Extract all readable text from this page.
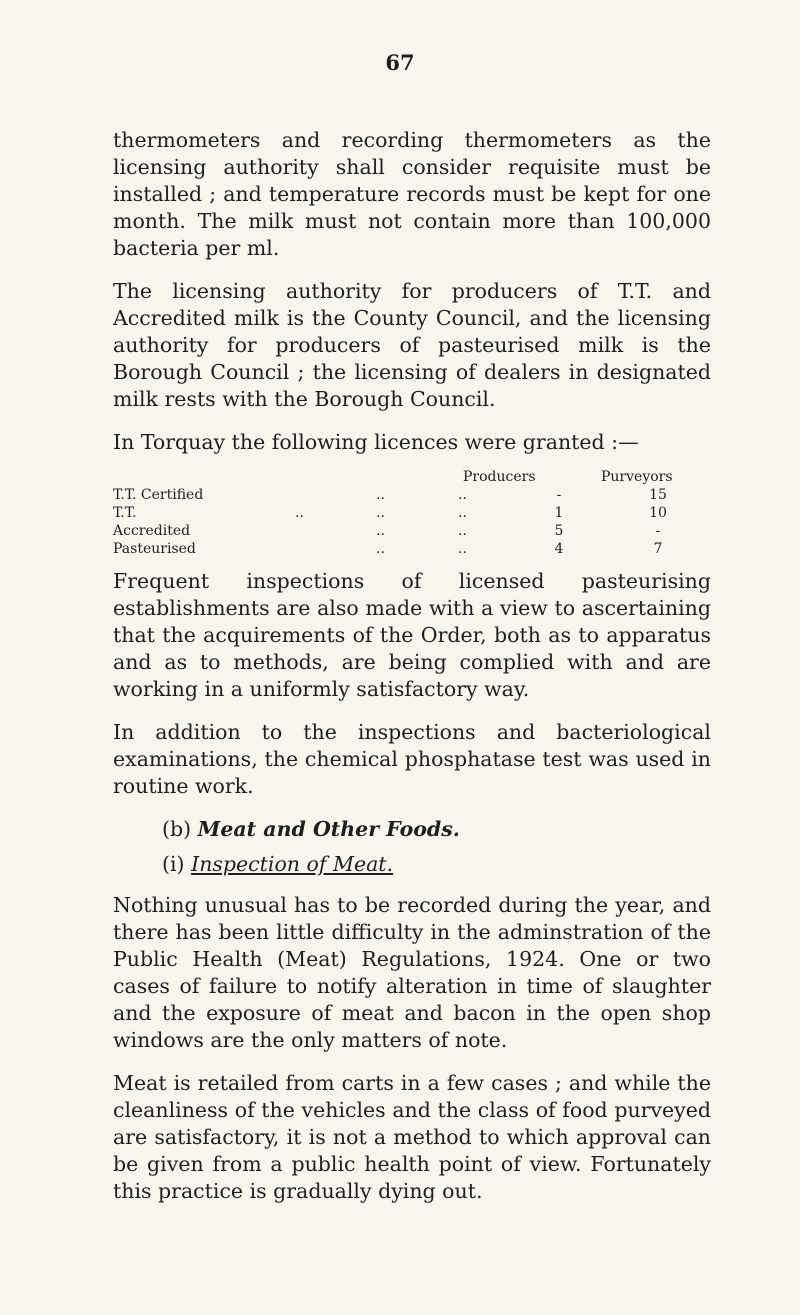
67

thermometers and recording thermometers as the licensing authority shall consider requisite must be installed ; and temperature records must be kept for one month. The milk must not contain more than 100,000 bacteria per ml.

The licensing authority for producers of T.T. and Accredited milk is the County Council, and the licensing authority for producers of pasteurised milk is the Borough Council ; the licensing of dealers in designated milk rests with the Borough Council.

In Torquay the following licences were granted :—

Producers	Purveyors
T.T. Certified	..	..	-	15
T.T.	..	..	..	1	10
Accredited	..	..	5	-
Pasteurised	..	..	4	7

Frequent inspections of licensed pasteurising establishments are also made with a view to ascertaining that the acquirements of the Order, both as to apparatus and as to methods, are being complied with and are working in a uniformly satisfactory way.

In addition to the inspections and bacteriological examinations, the chemical phosphatase test was used in routine work.

(b) Meat and Other Foods.
(i) Inspection of Meat.

Nothing unusual has to be recorded during the year, and there has been little difficulty in the adminstration of the Public Health (Meat) Regulations, 1924. One or two cases of failure to notify alteration in time of slaughter and the exposure of meat and bacon in the open shop windows are the only matters of note.

Meat is retailed from carts in a few cases ; and while the cleanliness of the vehicles and the class of food purveyed are satisfactory, it is not a method to which approval can be given from a public health point of view. Fortunately this practice is gradually dying out.
